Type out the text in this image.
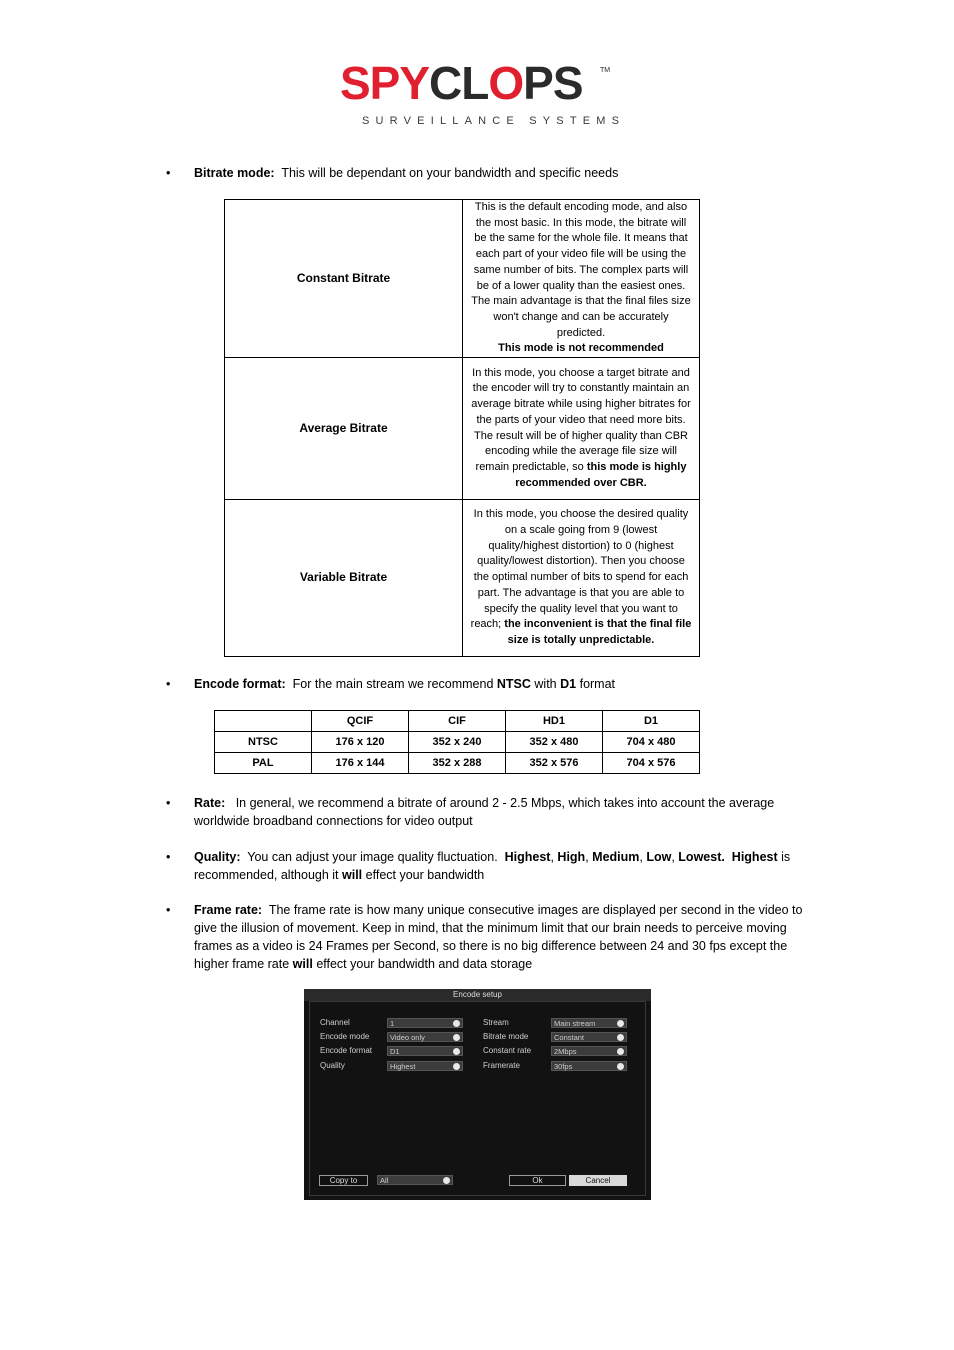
SPYCLOPS TM
SURVEILLANCE SYSTEMS
• Bitrate mode: This will be dependant on your bandwidth and specific needs
Constant Bitrate	This is the default encoding mode, and also the most basic. In this mode, the bitrate will be the same for the whole file. It means that each part of your video file will be using the same number of bits. The complex parts will be of a lower quality than the easiest ones. The main advantage is that the final files size won't change and can be accurately predicted.
This mode is not recommended
Average Bitrate	In this mode, you choose a target bitrate and the encoder will try to constantly maintain an average bitrate while using higher bitrates for the parts of your video that need more bits. The result will be of higher quality than CBR encoding while the average file size will remain predictable, so this mode is highly recommended over CBR.
Variable Bitrate	In this mode, you choose the desired quality on a scale going from 9 (lowest quality/highest distortion) to 0 (highest quality/lowest distortion). Then you choose the optimal number of bits to spend for each part. The advantage is that you are able to specify the quality level that you want to reach; the inconvenient is that the final file size is totally unpredictable.
• Encode format: For the main stream we recommend NTSC with D1 format
	QCIF	CIF	HD1	D1
NTSC	176 x 120	352 x 240	352 x 480	704 x 480
PAL	176 x 144	352 x 288	352 x 576	704 x 576
• Rate: In general, we recommend a bitrate of around 2 - 2.5 Mbps, which takes into account the average worldwide broadband connections for video output
• Quality: You can adjust your image quality fluctuation. Highest, High, Medium, Low, Lowest. Highest is recommended, although it will effect your bandwidth
• Frame rate: The frame rate is how many unique consecutive images are displayed per second in the video to give the illusion of movement. Keep in mind, that the minimum limit that our brain needs to perceive moving frames as a video is 24 Frames per Second, so there is no big difference between 24 and 30 fps except the higher frame rate will effect your bandwidth and data storage
Encode setup
Channel	1
Encode mode	Video only
Encode format	D1
Quality	Highest
Stream	Main stream
Bitrate mode	Constant
Constant rate	2Mbps
Framerate	30fps
Copy to	All	Ok	Cancel
